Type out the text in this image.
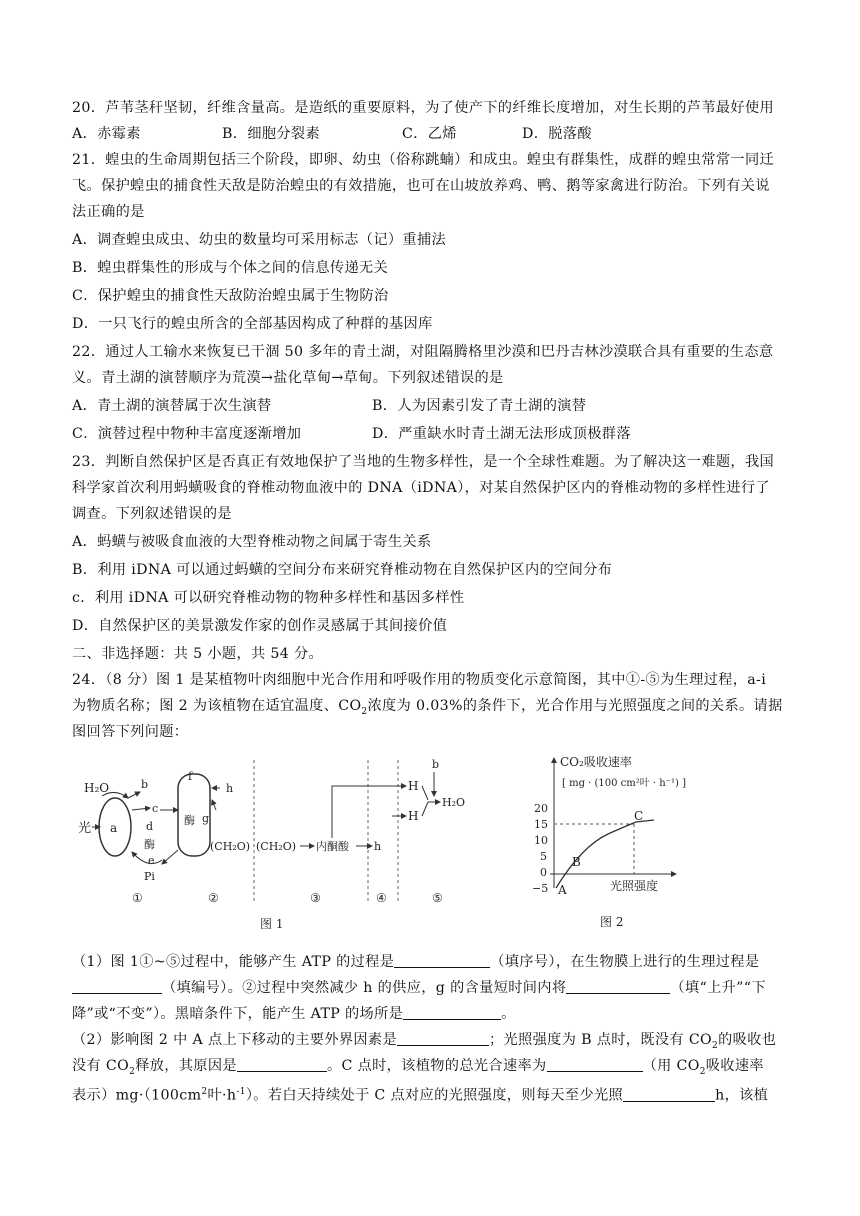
20．芦苇茎秆坚韧，纤维含量高。是造纸的重要原料，为了使产下的纤维长度增加，对生长期的芦苇最好使用
A．赤霉素	B．细胞分裂素	C．乙烯	D．脱落酸
21．蝗虫的生命周期包括三个阶段，即卵、幼虫（俗称跳蝻）和成虫。蝗虫有群集性，成群的蝗虫常常一同迁
飞。保护蝗虫的捕食性天敌是防治蝗虫的有效措施，也可在山坡放养鸡、鸭、鹅等家禽进行防治。下列有关说
法正确的是
A．调查蝗虫成虫、幼虫的数量均可采用标志（记）重捕法
B．蝗虫群集性的形成与个体之间的信息传递无关
C．保护蝗虫的捕食性天敌防治蝗虫属于生物防治
D．一只飞行的蝗虫所含的全部基因构成了种群的基因库
22．通过人工输水来恢复已干涸 50 多年的青土湖，对阻隔腾格里沙漠和巴丹吉林沙漠联合具有重要的生态意
义。青土湖的演替顺序为荒漠→盐化草甸→草甸。下列叙述错误的是
A．青土湖的演替属于次生演替	B．人为因素引发了青土湖的演替
C．演替过程中物种丰富度逐渐增加	D．严重缺水时青土湖无法形成顶极群落
23．判断自然保护区是否真正有效地保护了当地的生物多样性，是一个全球性难题。为了解决这一难题，我国
科学家首次利用蚂蟥吸食的脊椎动物血液中的 DNA（iDNA），对某自然保护区内的脊椎动物的多样性进行了
调查。下列叙述错误的是
A．蚂蟥与被吸食血液的大型脊椎动物之间属于寄生关系
B．利用 iDNA 可以通过蚂蟥的空间分布来研究脊椎动物在自然保护区内的空间分布
c．利用 iDNA 可以研究脊椎动物的物种多样性和基因多样性
D．自然保护区的美景激发作家的创作灵感属于其间接价值
二、非选择题：共 5 小题，共 54 分。
24．（8 分）图 1 是某植物叶肉细胞中光合作用和呼吸作用的物质变化示意简图，其中①-⑤为生理过程，a-i
为物质名称；图 2 为该植物在适宜温度、$CO_2$浓度为 0.03%的条件下，光合作用与光照强度之间的关系。请据
图回答下列问题：
H₂O
光 a
b
c
d
酶
e
Pi
f
g
酶
h
(CH₂O) (CH₂O) 内酮酸 h
H
H
b
H₂O
①	②	③	④	⑤
图 1
CO₂吸收速率
[ mg · (100 cm²叶 · h⁻¹) ]
20
15
10
5
0
−5 A
B
C
光照强度
图 2
（1）图 1①~⑤过程中，能够产生 ATP 的过程是	（填序号），在生物膜上进行的生理过程是
（填编号）。②过程中突然减少 h 的供应，g 的含量短时间内将	（填“上升”“下
降”或“不变”）。黑暗条件下，能产生 ATP 的场所是	。
（2）影响图 2 中 A 点上下移动的主要外界因素是	；光照强度为 B 点时，既没有 $CO_2$的吸收也
没有 $CO_2$释放，其原因是	。C 点时，该植物的总光合速率为	（用 $CO_2$吸收速率
表示）$mg\cdot(100cm^2$叶$\cdot h^{-1}$）。若白天持续处于 C 点对应的光照强度，则每天至少光照	h，该植
